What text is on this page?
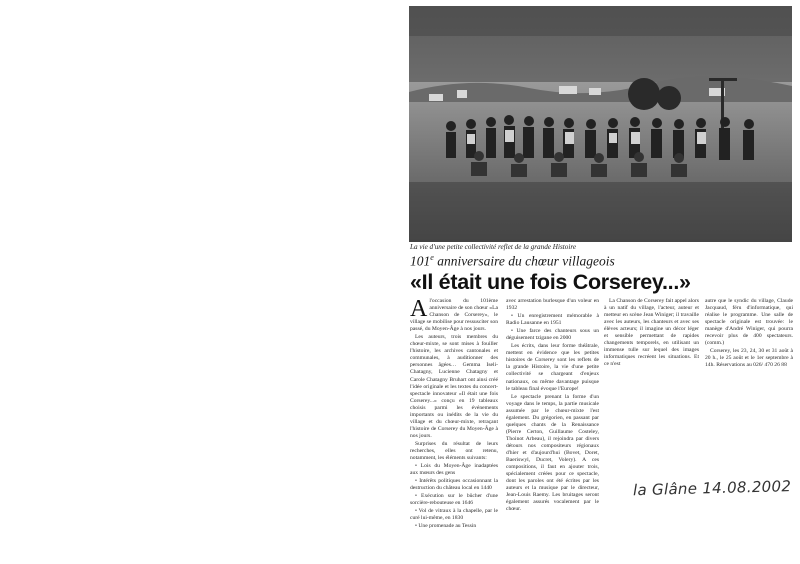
La vie d'une petite collectivité reflet de la grande Histoire
101e anniversaire du chœur villageois
«Il était une fois Corserey...»

Al'occasion du 101ème anniversaire de son chœur «La Chanson de Corserey», le village se mobilise pour ressusciter son passé, du Moyen-Âge à nos jours.

Les auteurs, trois membres du chœur-mixte, se sont mises à fouiller l'histoire, les archives cantonales et communales, à auditionner des personnes âgées… Gemma Iseli-Chatagny, Lucienne Chatagny et Carole Chatagny Bruhart ont ainsi créé l'idée originale et les textes du concert-spectacle innovateur «Il était une fois Corserey...» conçu en 19 tableaux choisis parmi les événements importants ou inédits de la vie du village et du chœur-mixte, retraçant l'histoire de Corserey du Moyen-Âge à nos jours.

Surprises du résultat de leurs recherches, elles ont retenu, notamment, les éléments suivants:

• Lois du Moyen-Âge inadaptées aux mœurs des gens

• Intérêts politiques occasionnant la destruction du château local en 1440

• Exécution sur le bûcher d'une sorcière-rebouteuse en 1646

• Vol de vitraux à la chapelle, par le curé lui-même, en 1830

• Une promenade au Tessin

avec arrestation burlesque d'un voleur en 1932

• Un enregistrement mémorable à Radio Lausanne en 1951

• Une farce des chanteurs sous un déguisement tzigane en 2000

Les écrits, dans leur forme théâtrale, mettent en évidence que les petites histoires de Corserey sont les reflets de la grande Histoire, la vie d'une petite collectivité se chargeant d'enjeux nationaux, ou même davantage puisque le tableau final évoque l'Europe!

Le spectacle prenant la forme d'un voyage dans le temps, la partie musicale assumée par le chœur-mixte l'est également. Du grégorien, en passant par quelques chants de la Renaissance (Pierre Certon, Guillaume Costeley, Thoinot Arbeau), il rejoindra par divers détours nos compositeurs régionaux d'hier et d'aujourd'hui (Bovet, Doret, Baeriswyl, Ducret, Volery). A ces compositions, il faut en ajouter trois, spécialement créées pour ce spectacle, dont les paroles ont été écrites par les auteurs et la musique par le directeur, Jean-Louis Raemy. Les bruitages seront également assurés vocalement par le chœur.

La Chanson de Corserey fait appel alors à un natif du village, l'acteur, auteur et metteur en scène Jean Winiger; il travaille avec les auteurs, les chanteurs et avec ses élèves acteurs; il imagine un décor léger et sensible permettant de rapides changements temporels, en utilisant un immense tulle sur lequel des images informatiques recréent les situations. Et ce n'est

autre que le syndic du village, Claude Jacquaud, féru d'informatique, qui réalise le programme. Une salle de spectacle originale est trouvée: le manège d'André Winiger, qui pourra recevoir plus de 400 spectateurs. (comm.)

Corserey, les 23, 24, 30 et 31 août à 20 h., le 25 août et le 1er septembre à 14h. Réservations au 026/ 470 26 88

la Glâne 14.08.2002
